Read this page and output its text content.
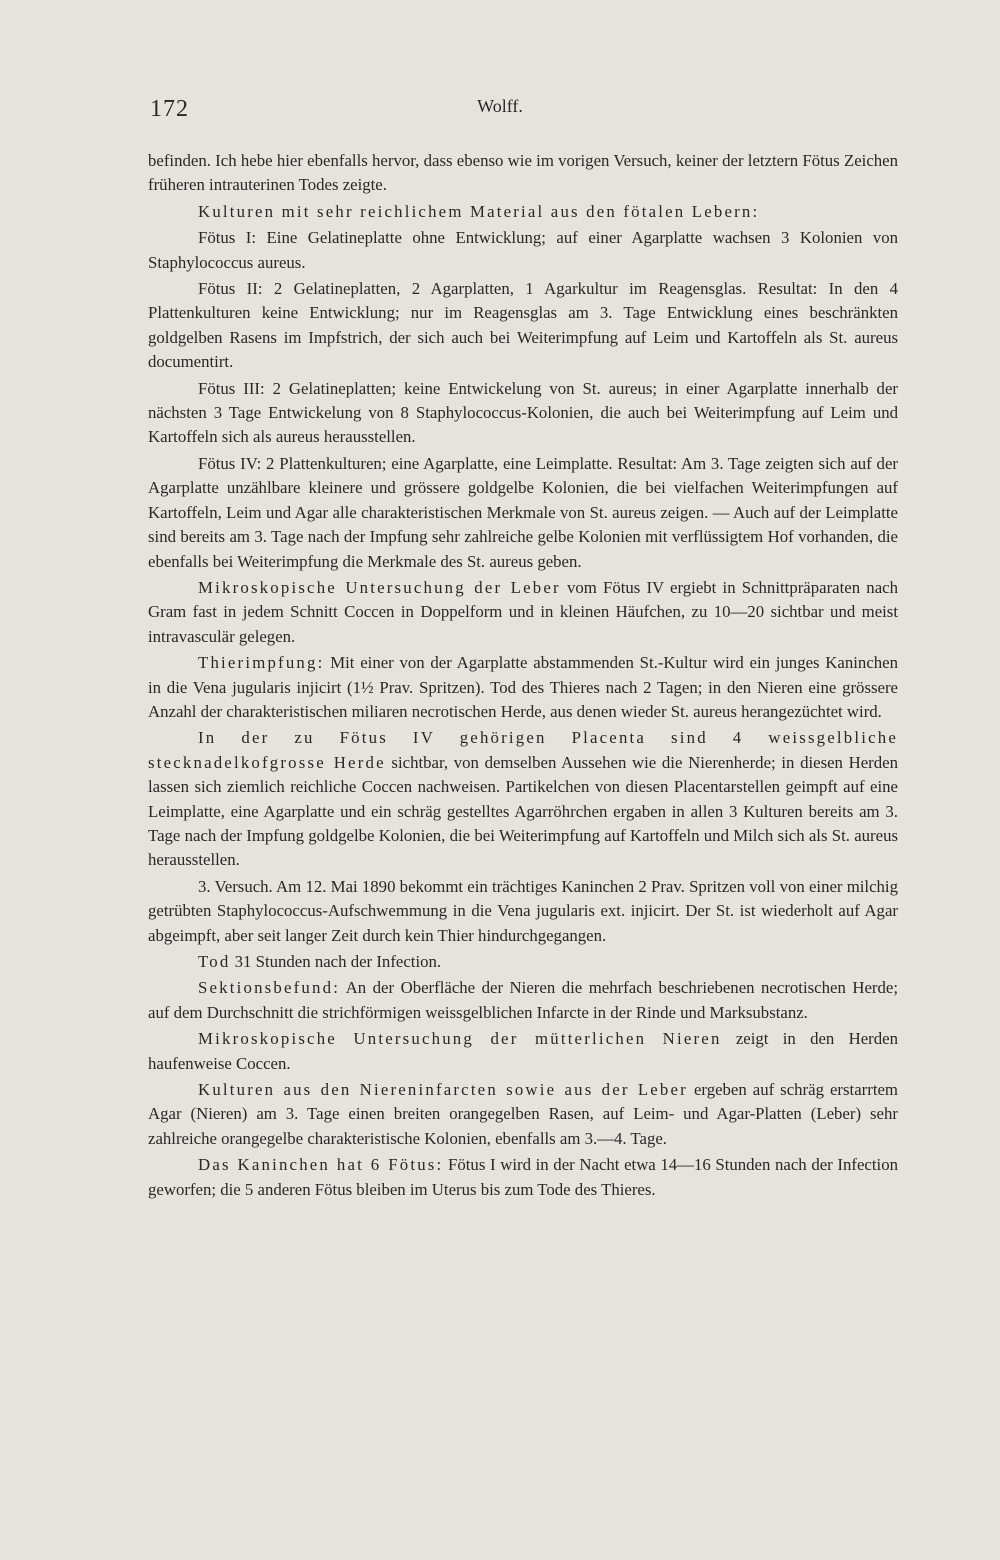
172	Wolff.

befinden. Ich hebe hier ebenfalls hervor, dass ebenso wie im vorigen Versuch, keiner der letztern Fötus Zeichen früheren intrauterinen Todes zeigte.

Kulturen mit sehr reichlichem Material aus den fötalen Lebern:

Fötus I: Eine Gelatineplatte ohne Entwicklung; auf einer Agarplatte wachsen 3 Kolonien von Staphylococcus aureus.

Fötus II: 2 Gelatineplatten, 2 Agarplatten, 1 Agarkultur im Reagensglas. Resultat: In den 4 Plattenkulturen keine Entwicklung; nur im Reagensglas am 3. Tage Entwicklung eines beschränkten goldgelben Rasens im Impfstrich, der sich auch bei Weiterimpfung auf Leim und Kartoffeln als St. aureus documentirt.

Fötus III: 2 Gelatineplatten; keine Entwickelung von St. aureus; in einer Agarplatte innerhalb der nächsten 3 Tage Entwickelung von 8 Staphylococcus-Kolonien, die auch bei Weiterimpfung auf Leim und Kartoffeln sich als aureus herausstellen.

Fötus IV: 2 Plattenkulturen; eine Agarplatte, eine Leimplatte. Resultat: Am 3. Tage zeigten sich auf der Agarplatte unzählbare kleinere und grössere goldgelbe Kolonien, die bei vielfachen Weiterimpfungen auf Kartoffeln, Leim und Agar alle charakteristischen Merkmale von St. aureus zeigen. — Auch auf der Leimplatte sind bereits am 3. Tage nach der Impfung sehr zahlreiche gelbe Kolonien mit verflüssigtem Hof vorhanden, die ebenfalls bei Weiterimpfung die Merkmale des St. aureus geben.

Mikroskopische Untersuchung der Leber vom Fötus IV ergiebt in Schnittpräparaten nach Gram fast in jedem Schnitt Coccen in Doppelform und in kleinen Häufchen, zu 10—20 sichtbar und meist intravasculär gelegen.

Thierimpfung: Mit einer von der Agarplatte abstammenden St.-Kultur wird ein junges Kaninchen in die Vena jugularis injicirt (1½ Prav. Spritzen). Tod des Thieres nach 2 Tagen; in den Nieren eine grössere Anzahl der charakteristischen miliaren necrotischen Herde, aus denen wieder St. aureus herangezüchtet wird.

In der zu Fötus IV gehörigen Placenta sind 4 weissgelbliche stecknadelkofgrosse Herde sichtbar, von demselben Aussehen wie die Nierenherde; in diesen Herden lassen sich ziemlich reichliche Coccen nachweisen. Partikelchen von diesen Placentarstellen geimpft auf eine Leimplatte, eine Agarplatte und ein schräg gestelltes Agarröhrchen ergaben in allen 3 Kulturen bereits am 3. Tage nach der Impfung goldgelbe Kolonien, die bei Weiterimpfung auf Kartoffeln und Milch sich als St. aureus herausstellen.

3. Versuch. Am 12. Mai 1890 bekommt ein trächtiges Kaninchen 2 Prav. Spritzen voll von einer milchig getrübten Staphylococcus-Aufschwemmung in die Vena jugularis ext. injicirt. Der St. ist wiederholt auf Agar abgeimpft, aber seit langer Zeit durch kein Thier hindurchgegangen.

Tod 31 Stunden nach der Infection.

Sektionsbefund: An der Oberfläche der Nieren die mehrfach beschriebenen necrotischen Herde; auf dem Durchschnitt die strichförmigen weissgelblichen Infarcte in der Rinde und Marksubstanz.

Mikroskopische Untersuchung der mütterlichen Nieren zeigt in den Herden haufenweise Coccen.

Kulturen aus den Niereninfarcten sowie aus der Leber ergeben auf schräg erstarrtem Agar (Nieren) am 3. Tage einen breiten orangegelben Rasen, auf Leim- und Agar-Platten (Leber) sehr zahlreiche orangegelbe charakteristische Kolonien, ebenfalls am 3.—4. Tage.

Das Kaninchen hat 6 Fötus: Fötus I wird in der Nacht etwa 14—16 Stunden nach der Infection geworfen; die 5 anderen Fötus bleiben im Uterus bis zum Tode des Thieres.
